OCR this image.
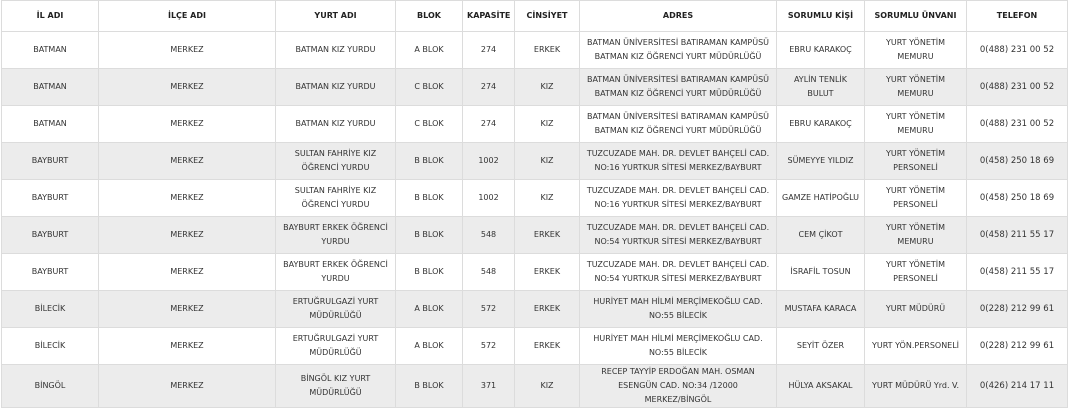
İL ADI	İLÇE ADI	YURT ADI	BLOK	KAPASİTE	CİNSİYET	ADRES	SORUMLU KİŞİ	SORUMLU ÜNVANI	TELEFON
BATMAN	MERKEZ	BATMAN KIZ YURDU	A BLOK	274	ERKEK	BATMAN ÜNİVERSİTESİ BATIRAMAN KAMPÜSÜ BATMAN KIZ ÖĞRENCİ YURT MÜDÜRLÜĞÜ	EBRU KARAKOÇ	YURT YÖNETİM MEMURU	0(488) 231 00 52
BATMAN	MERKEZ	BATMAN KIZ YURDU	C BLOK	274	KIZ	BATMAN ÜNİVERSİTESİ BATIRAMAN KAMPÜSÜ BATMAN KIZ ÖĞRENCİ YURT MÜDÜRLÜĞÜ	AYLİN TENLİK BULUT	YURT YÖNETİM MEMURU	0(488) 231 00 52
BATMAN	MERKEZ	BATMAN KIZ YURDU	C BLOK	274	KIZ	BATMAN ÜNİVERSİTESİ BATIRAMAN KAMPÜSÜ BATMAN KIZ ÖĞRENCİ YURT MÜDÜRLÜĞÜ	EBRU KARAKOÇ	YURT YÖNETİM MEMURU	0(488) 231 00 52
BAYBURT	MERKEZ	SULTAN FAHRİYE KIZ ÖĞRENCİ YURDU	B BLOK	1002	KIZ	TUZCUZADE MAH. DR. DEVLET BAHÇELİ CAD. NO:16 YURTKUR SİTESİ MERKEZ/BAYBURT	SÜMEYYE YILDIZ	YURT YÖNETİM PERSONELİ	0(458) 250 18 69
BAYBURT	MERKEZ	SULTAN FAHRİYE KIZ ÖĞRENCİ YURDU	B BLOK	1002	KIZ	TUZCUZADE MAH. DR. DEVLET BAHÇELİ CAD. NO:16 YURTKUR SİTESİ MERKEZ/BAYBURT	GAMZE HATİPOĞLU	YURT YÖNETİM PERSONELİ	0(458) 250 18 69
BAYBURT	MERKEZ	BAYBURT ERKEK ÖĞRENCİ YURDU	B BLOK	548	ERKEK	TUZCUZADE MAH. DR. DEVLET BAHÇELİ CAD. NO:54 YURTKUR SİTESİ MERKEZ/BAYBURT	CEM ÇİKOT	YURT YÖNETİM MEMURU	0(458) 211 55 17
BAYBURT	MERKEZ	BAYBURT ERKEK ÖĞRENCİ YURDU	B BLOK	548	ERKEK	TUZCUZADE MAH. DR. DEVLET BAHÇELİ CAD. NO:54 YURTKUR SİTESİ MERKEZ/BAYBURT	İSRAFİL TOSUN	YURT YÖNETİM PERSONELİ	0(458) 211 55 17
BİLECİK	MERKEZ	ERTUĞRULGAZİ YURT MÜDÜRLÜĞÜ	A BLOK	572	ERKEK	HURİYET MAH HİLMİ MERÇİMEKOĞLU CAD. NO:55 BİLECİK	MUSTAFA KARACA	YURT MÜDÜRÜ	0(228) 212 99 61
BİLECİK	MERKEZ	ERTUĞRULGAZİ YURT MÜDÜRLÜĞÜ	A BLOK	572	ERKEK	HURİYET MAH HİLMİ MERÇİMEKOĞLU CAD. NO:55 BİLECİK	SEYİT ÖZER	YURT YÖN.PERSONELİ	0(228) 212 99 61
BİNGÖL	MERKEZ	BİNGÖL KIZ YURT MÜDÜRLÜĞÜ	B BLOK	371	KIZ	RECEP TAYYİP ERDOĞAN MAH. OSMAN ESENGÜN CAD. NO:34 /12000 MERKEZ/BİNGÖL	HÜLYA AKSAKAL	YURT MÜDÜRÜ Yrd. V.	0(426) 214 17 11
